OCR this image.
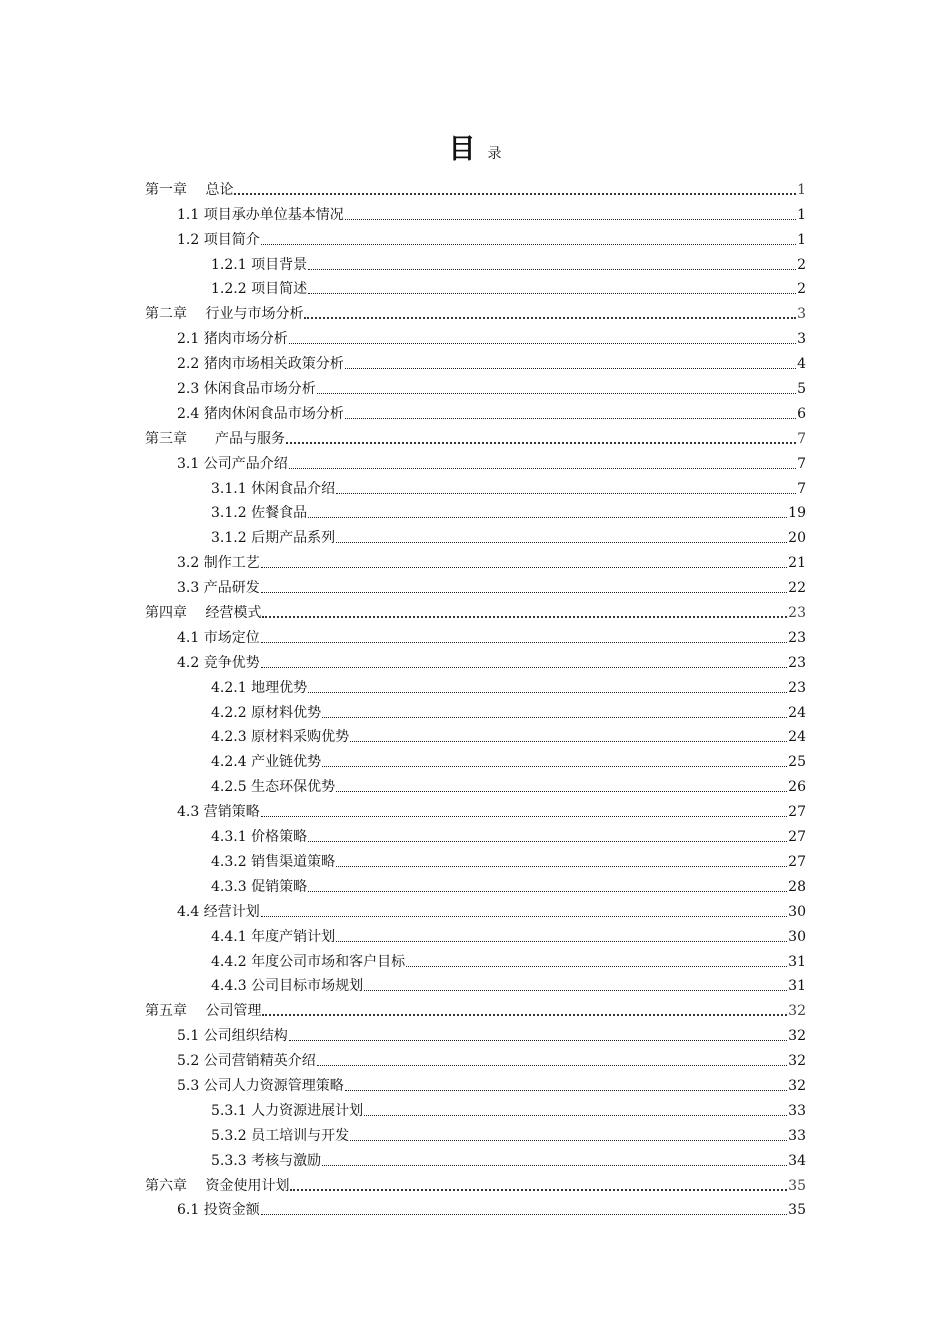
目录
第一章　 总论	1
1.1 项目承办单位基本情况	1
1.2 项目简介	1
1.2.1 项目背景	2
1.2.2 项目简述	2
第二章　 行业与市场分析	3
2.1 猪肉市场分析	3
2.2 猪肉市场相关政策分析	4
2.3 休闲食品市场分析	5
2.4 猪肉休闲食品市场分析	6
第三章　　产品与服务	7
3.1 公司产品介绍	7
3.1.1 休闲食品介绍	7
3.1.2 佐餐食品	19
3.1.2 后期产品系列	20
3.2 制作工艺	21
3.3 产品研发	22
第四章　 经营模式	23
4.1 市场定位	23
4.2 竞争优势	23
4.2.1 地理优势	23
4.2.2 原材料优势	24
4.2.3 原材料采购优势	24
4.2.4 产业链优势	25
4.2.5 生态环保优势	26
4.3 营销策略	27
4.3.1 价格策略	27
4.3.2 销售渠道策略	27
4.3.3 促销策略	28
4.4 经营计划	30
4.4.1 年度产销计划	30
4.4.2 年度公司市场和客户目标	31
4.4.3 公司目标市场规划	31
第五章　 公司管理	32
5.1 公司组织结构	32
5.2 公司营销精英介绍	32
5.3 公司人力资源管理策略	32
5.3.1 人力资源进展计划	33
5.3.2 员工培训与开发	33
5.3.3 考核与激励	34
第六章　 资金使用计划	35
6.1 投资金额	35
